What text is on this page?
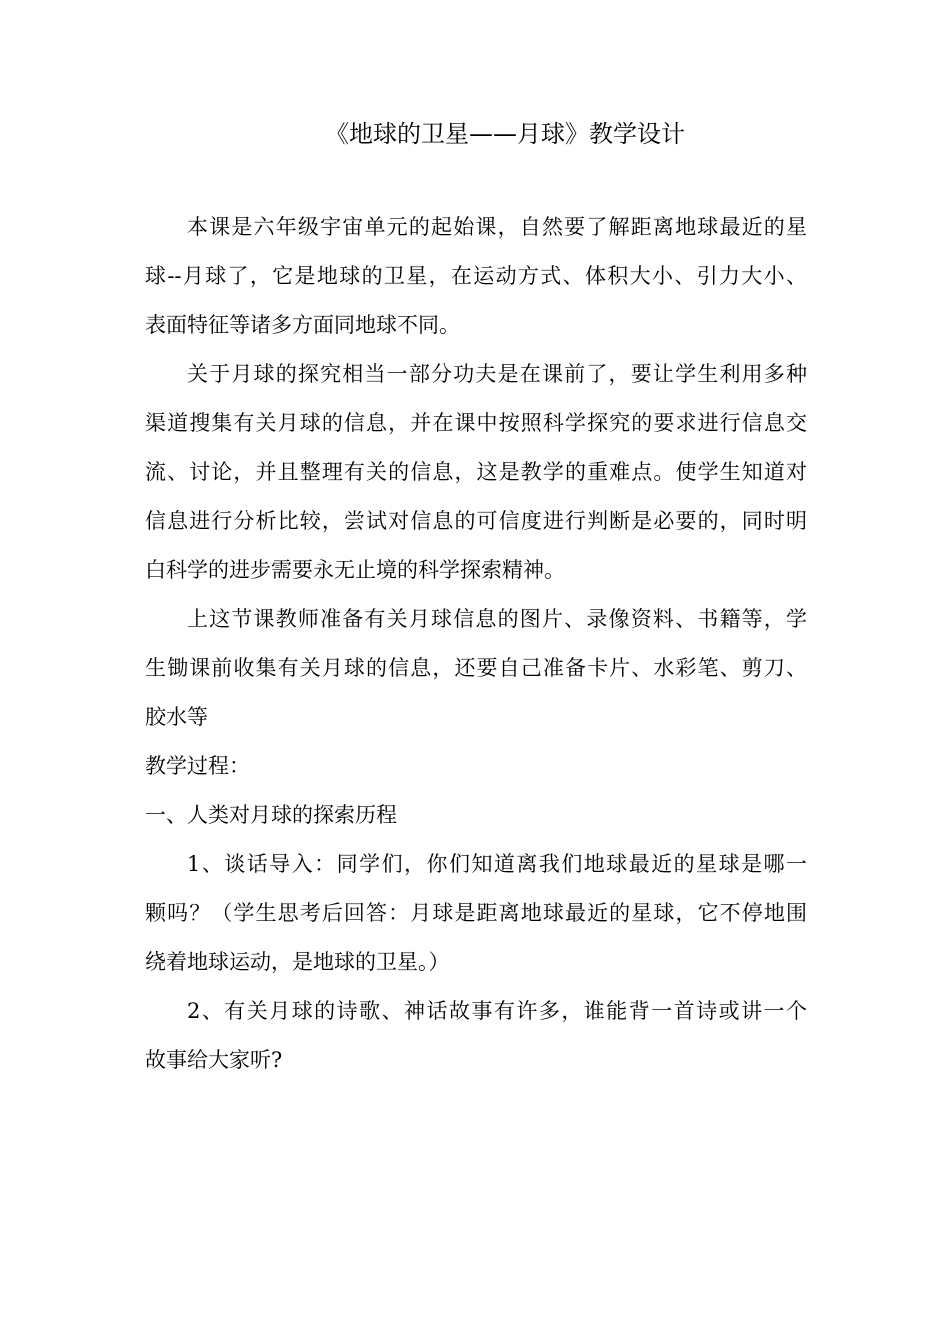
《地球的卫星——月球》教学设计

本课是六年级宇宙单元的起始课，自然要了解距离地球最近的星
球--月球了，它是地球的卫星，在运动方式、体积大小、引力大小、
表面特征等诸多方面同地球不同。

关于月球的探究相当一部分功夫是在课前了，要让学生利用多种
渠道搜集有关月球的信息，并在课中按照科学探究的要求进行信息交
流、讨论，并且整理有关的信息，这是教学的重难点。使学生知道对
信息进行分析比较，尝试对信息的可信度进行判断是必要的，同时明
白科学的进步需要永无止境的科学探索精神。

上这节课教师准备有关月球信息的图片、录像资料、书籍等，学
生锄课前收集有关月球的信息，还要自己准备卡片、水彩笔、剪刀、
胶水等

教学过程：

一、人类对月球的探索历程

1、谈话导入：同学们，你们知道离我们地球最近的星球是哪一
颗吗？（学生思考后回答：月球是距离地球最近的星球，它不停地围
绕着地球运动，是地球的卫星。）

2、有关月球的诗歌、神话故事有许多，谁能背一首诗或讲一个
故事给大家听?
